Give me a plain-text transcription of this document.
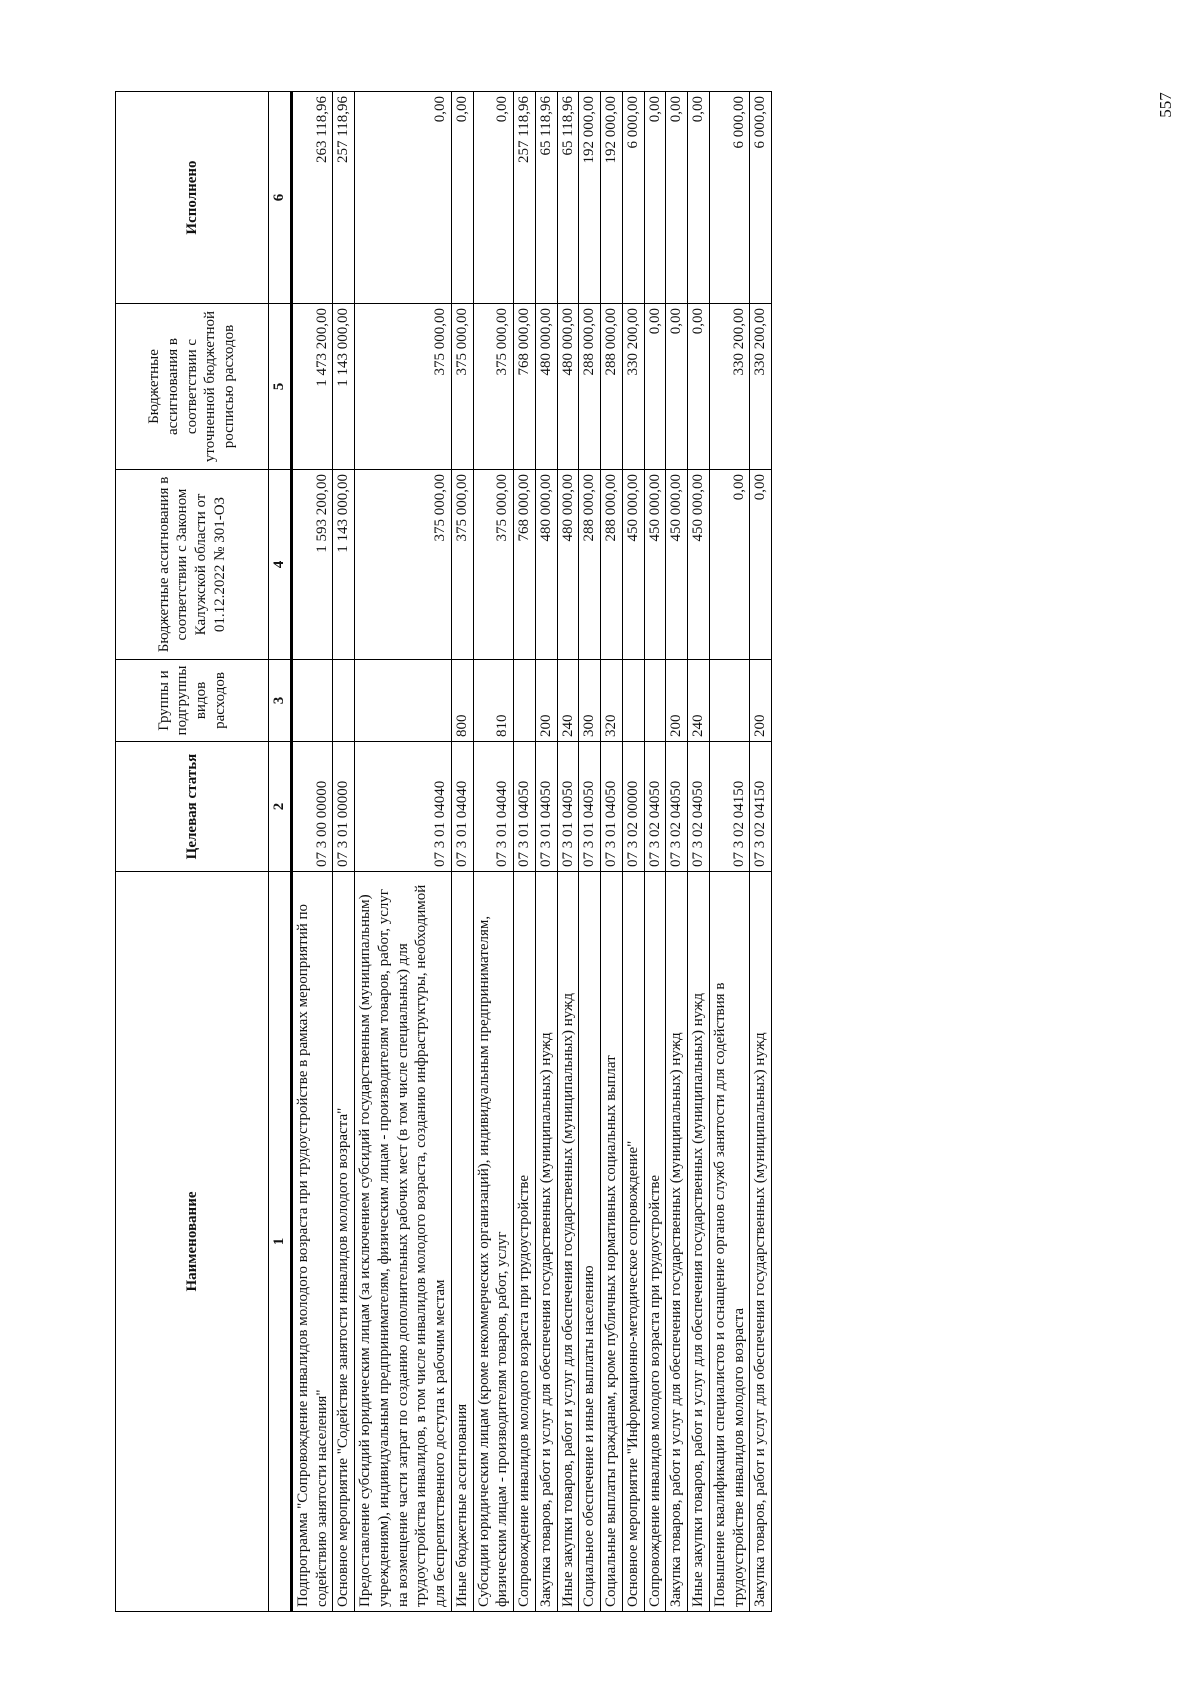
557
Наименование	Целевая статья	Группы и подгруппы видов расходов	Бюджетные ассигнования в соответствии с Законом Калужской области от 01.12.2022 № 301-ОЗ	Бюджетные ассигнования в соответствии с уточненной бюджетной росписью расходов	Исполнено
1	2	3	4	5	6
Подпрограмма "Сопровождение инвалидов молодого возраста при трудоустройстве в рамках мероприятий по содействию занятости населения"	07 3 00 00000		1 593 200,00	1 473 200,00	263 118,96
Основное мероприятие "Содействие занятости инвалидов молодого возраста"	07 3 01 00000		1 143 000,00	1 143 000,00	257 118,96
Предоставление субсидий юридическим лицам (за исключением субсидий государственным (муниципальным) учреждениям), индивидуальным предпринимателям, физическим лицам - производителям товаров, работ, услуг на возмещение части затрат по созданию дополнительных рабочих мест (в том числе специальных) для трудоустройства инвалидов, в том числе инвалидов молодого возраста, созданию инфраструктуры, необходимой для беспрепятственного доступа к рабочим местам	07 3 01 04040		375 000,00	375 000,00	0,00
Иные бюджетные ассигнования	07 3 01 04040	800	375 000,00	375 000,00	0,00
Субсидии юридическим лицам (кроме некоммерческих организаций), индивидуальным предпринимателям, физическим лицам - производителям товаров, работ, услуг	07 3 01 04040	810	375 000,00	375 000,00	0,00
Сопровождение инвалидов молодого возраста при трудоустройстве	07 3 01 04050		768 000,00	768 000,00	257 118,96
Закупка товаров, работ и услуг для обеспечения государственных (муниципальных) нужд	07 3 01 04050	200	480 000,00	480 000,00	65 118,96
Иные закупки товаров, работ и услуг для обеспечения государственных (муниципальных) нужд	07 3 01 04050	240	480 000,00	480 000,00	65 118,96
Социальное обеспечение и иные выплаты населению	07 3 01 04050	300	288 000,00	288 000,00	192 000,00
Социальные выплаты гражданам, кроме публичных нормативных социальных выплат	07 3 01 04050	320	288 000,00	288 000,00	192 000,00
Основное мероприятие "Информационно-методическое сопровождение"	07 3 02 00000		450 000,00	330 200,00	6 000,00
Сопровождение инвалидов молодого возраста при трудоустройстве	07 3 02 04050		450 000,00	0,00	0,00
Закупка товаров, работ и услуг для обеспечения государственных (муниципальных) нужд	07 3 02 04050	200	450 000,00	0,00	0,00
Иные закупки товаров, работ и услуг для обеспечения государственных (муниципальных) нужд	07 3 02 04050	240	450 000,00	0,00	0,00
Повышение квалификации специалистов и оснащение органов служб занятости для содействия в трудоустройстве инвалидов молодого возраста	07 3 02 04150		0,00	330 200,00	6 000,00
Закупка товаров, работ и услуг для обеспечения государственных (муниципальных) нужд	07 3 02 04150	200	0,00	330 200,00	6 000,00
